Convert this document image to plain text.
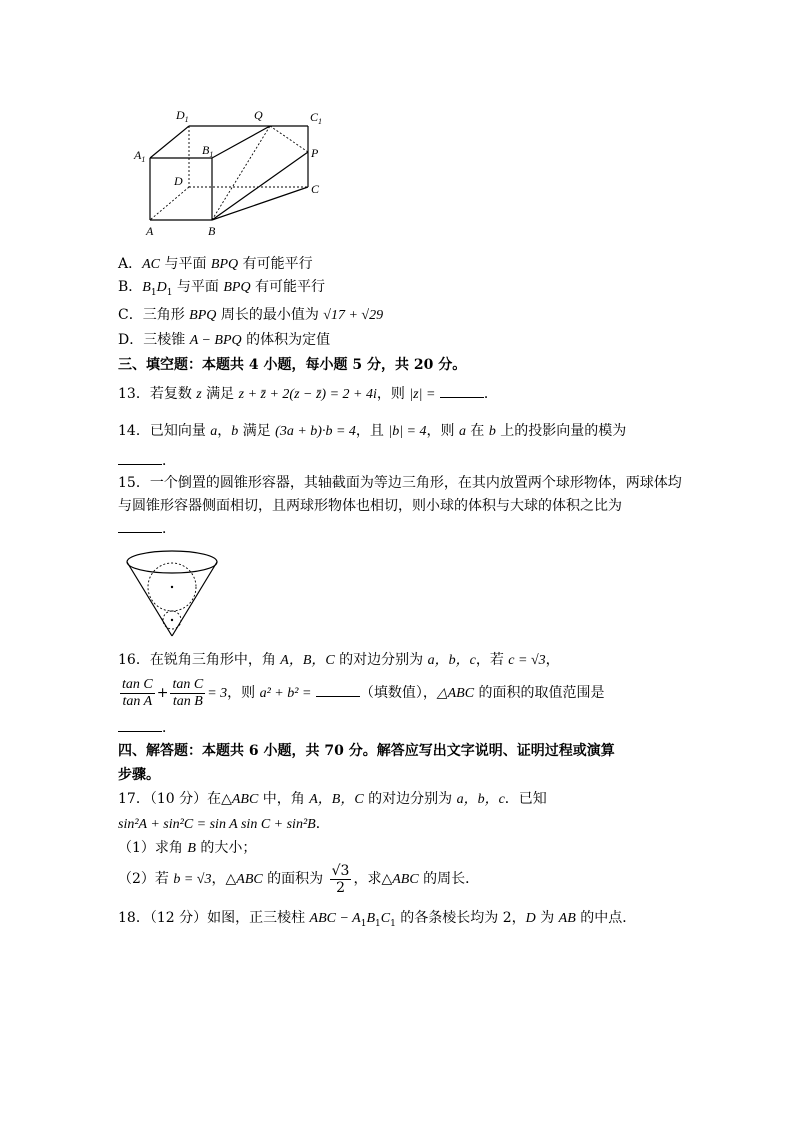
$D_1$	Q	$C_1$
$A_1$
$B_1$	P
D
C
A	B
A．AC 与平面 BPQ 有可能平行
B．$B_1D_1$ 与平面 BPQ 有可能平行
C．三角形 BPQ 周长的最小值为 √17 + √29
D．三棱锥 A − BPQ 的体积为定值
三、填空题：本题共 4 小题，每小题 5 分，共 20 分。
13．若复数 z 满足 z + z̄ + 2(z − z̄) = 2 + 4i，则 |z| =	．
14．已知向量 a，b 满足 (3a + b)·b = 4，且 |b| = 4，则 a 在 b 上的投影向量的模为
．
15．一个倒置的圆锥形容器，其轴截面为等边三角形，在其内放置两个球形物体，两球体均
与圆锥形容器侧面相切，且两球形物体也相切，则小球的体积与大球的体积之比为
．
16．在锐角三角形中，角 A，B，C 的对边分别为 a，b，c，若 c = √3，
$\frac{\text{tan C}}{\text{tan A}} + \frac{\text{tan C}}{\text{tan B}} = 3$，则 a² + b² =	（填数值），△ABC 的面积的取值范围是
．
四、解答题：本题共 6 小题，共 70 分。解答应写出文字说明、证明过程或演算
步骤。
17．（10 分）在△ABC 中，角 A，B，C 的对边分别为 a，b，c．已知
sin²A + sin²C = sin A sin C + sin²B．
（1）求角 B 的大小；
（2）若 b = √3，△ABC 的面积为 $\frac{√3}{2}$ ，求△ABC 的周长．
18．（12 分）如图，正三棱柱 ABC − $A_1B_1C_1$ 的各条棱长均为 2，D 为 AB 的中点．
